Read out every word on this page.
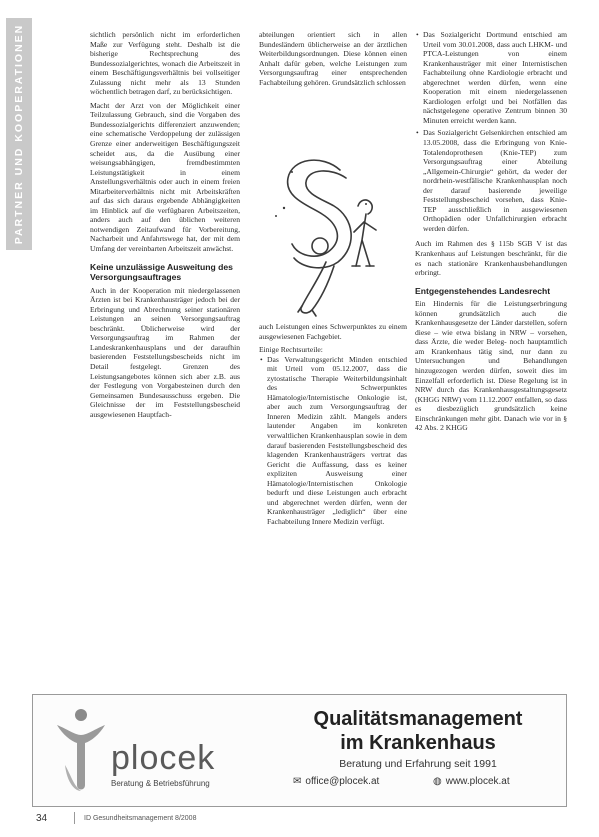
PARTNER UND KOOPERATIONEN	sichtlich persönlich nicht im erforderlichen Maße zur Verfügung steht. Deshalb ist die bisherige Rechtsprechung des Bundessozialgerichtes, wonach die Arbeitszeit in einem Beschäftigungsverhältnis bei vollseitiger Zulassung nicht mehr als 13 Stunden wöchentlich betragen darf, zu berücksichtigen.

Macht der Arzt von der Möglichkeit einer Teilzulassung Gebrauch, sind die Vorgaben des Bundessozialgerichts differenziert anzuwenden; eine schematische Verdoppelung der zulässigen Grenze einer anderweitigen Beschäftigungszeit scheidet aus, da die Ausübung einer weisungsabhängigen, fremdbestimmten Leistungstätigkeit in einem Anstellungsverhältnis oder auch in einem freien Mitarbeiterverhältnis nicht mit Arbeitskräften auf das sich daraus ergebende Abhängigkeiten im Hinblick auf die verfügbaren Arbeitszeiten, anders auch auf den üblichen weiteren notwendigen Zeitaufwand für Vorbereitung, Nacharbeit und Anfahrtswege hat, der mit dem Umfang der vereinbarten Arbeitszeit anwächst.

Keine unzulässige Ausweitung des Versorgungsauftrages

Auch in der Kooperation mit niedergelassenen Ärzten ist bei Krankenhausträger jedoch bei der Erbringung und Abrechnung seiner stationären Leistungen an seinen Versorgungsauftrag beschränkt. Üblicherweise wird der Versorgungsauftrag im Rahmen der Landeskrankenhausplans und der daraufhin basierenden Feststellungsbescheids nicht im Detail festgelegt. Grenzen des Leistungsangebotes können sich aber z.B. aus der Festlegung von Vorgabesteinen durch den Gemeinsamen Bundesausschuss ergeben. Die Gleichnisse der im Feststellungsbescheid ausgewiesenen Hauptfach-

abteilungen orientiert sich in allen Bundesländern üblicherweise an der ärztlichen Weiterbildungsordnungen. Diese können einen Anhalt dafür geben, welche Leistungen zum Versorgungsauftrag einer entsprechenden Fachabteilung gehören. Grundsätzlich schlossen

auch Leistungen eines Schwerpunktes zu einem ausgewiesenen Fachgebiet.

Einige Rechtsurteile:

• Das Verwaltungsgericht Minden entschied mit Urteil vom 05.12.2007, dass die zytostatische Therapie Weiterbildungsinhalt des Schwerpunktes Hämatologie/Internistische Onkologie ist, aber auch zum Versorgungsauftrag der Inneren Medizin zählt. Mangels anders lautender Angaben im konkreten verwaltlichen Krankenhausplan sowie in dem darauf basierenden Feststellungsbescheid des klagenden Krankenhausträgers vertrat das Gericht die Auffassung, dass es keiner expliziten Ausweisung einer Hämatologie/Internistischen Onkologie bedurft und diese Leistungen auch erbracht und abgerechnet werden dürfen, wenn der Krankenhausträger „lediglich“ über eine Fachabteilung Innere Medizin verfügt.
• Das Sozialgericht Dortmund entschied am Urteil vom 30.01.2008, dass auch LHKM- und PTCA-Leistungen von einem Krankenhausträger mit einer Internistischen Fachabteilung ohne Kardiologie erbracht und abgerechnet werden dürfen, wenn eine Kooperation mit einem niedergelassenen Kardiologen erfolgt und bei Notfällen das nächstgelegene operative Zentrum binnen 30 Minuten erreicht werden kann.
• Das Sozialgericht Gelsenkirchen entschied am 13.05.2008, dass die Erbringung von Knie-Totalendoprothesen (Knie-TEP) zum Versorgungsauftrag einer Abteilung „Allgemein-Chirurgie“ gehört, da weder der nordrhein-westfälische Krankenhausplan noch der darauf basierende jeweilige Feststellungsbescheid vorsehen, dass Knie-TEP ausschließlich in ausgewiesenen Orthopädien oder Unfallchirurgien erbracht werden dürfen.

Auch im Rahmen des § 115b SGB V ist das Krankenhaus auf Leistungen beschränkt, für die es nach stationäre Krankenhausbehandlungen erbringt.

Entgegenstehendes Landesrecht

Ein Hindernis für die Leistungserbringung können grundsätzlich auch die Krankenhausgesetze der Länder darstellen, sofern diese – wie etwa bislang in NRW – vorsehen, dass Ärzte, die weder Beleg- noch hauptamtlich am Krankenhaus tätig sind, nur dann zu Untersuchungen und Behandlungen hinzugezogen werden dürfen, soweit dies im Einzelfall erforderlich ist. Diese Regelung ist in NRW durch das Krankenhausgestaltungsgesetz (KHGG NRW) vom 11.12.2007 entfallen, so dass es diesbezüglich grundsätzlich keine Einschränkungen mehr gibt. Danach wie vor in § 42 Abs. 2 KHGG

plocek
Beratung & Betriebsführung
Qualitätsmanagement
im Krankenhaus
Beratung und Erfahrung seit 1991
✉ office@plocek.at	◍ www.plocek.at
34	ID Gesundheitsmanagement 8/2008
